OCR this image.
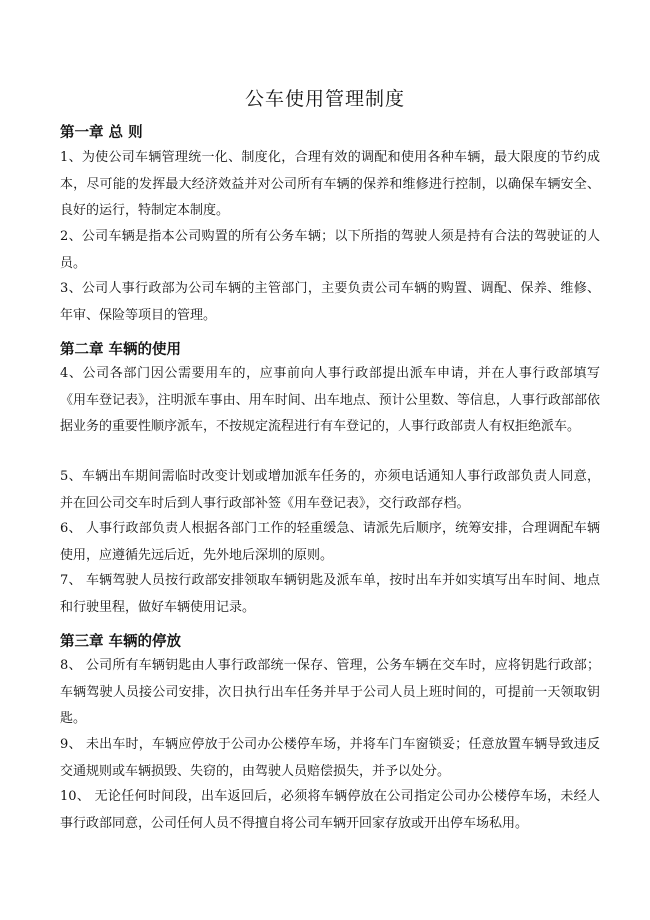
公车使用管理制度
第一章 总 则
1、为使公司车辆管理统一化、制度化，合理有效的调配和使用各种车辆，最大限度的节约成本，尽可能的发挥最大经济效益并对公司所有车辆的保养和维修进行控制，以确保车辆安全、良好的运行，特制定本制度。
2、公司车辆是指本公司购置的所有公务车辆；以下所指的驾驶人须是持有合法的驾驶证的人员。
3、公司人事行政部为公司车辆的主管部门，主要负责公司车辆的购置、调配、保养、维修、年审、保险等项目的管理。
第二章 车辆的使用
4、公司各部门因公需要用车的，应事前向人事行政部提出派车申请，并在人事行政部填写《用车登记表》，注明派车事由、用车时间、出车地点、预计公里数、等信息，人事行政部部依据业务的重要性顺序派车，不按规定流程进行有车登记的，人事行政部责人有权拒绝派车。
5、车辆出车期间需临时改变计划或增加派车任务的，亦须电话通知人事行政部负责人同意，并在回公司交车时后到人事行政部补签《用车登记表》，交行政部存档。
6、 人事行政部负责人根据各部门工作的轻重缓急、请派先后顺序，统筹安排，合理调配车辆使用，应遵循先远后近，先外地后深圳的原则。
7、 车辆驾驶人员按行政部安排领取车辆钥匙及派车单，按时出车并如实填写出车时间、地点和行驶里程，做好车辆使用记录。
第三章 车辆的停放
8、 公司所有车辆钥匙由人事行政部统一保存、管理，公务车辆在交车时，应将钥匙行政部；车辆驾驶人员接公司安排，次日执行出车任务并早于公司人员上班时间的，可提前一天领取钥匙。
9、 未出车时，车辆应停放于公司办公楼停车场，并将车门车窗锁妥；任意放置车辆导致违反交通规则或车辆损毁、失窃的，由驾驶人员赔偿损失，并予以处分。
10、 无论任何时间段，出车返回后，必须将车辆停放在公司指定公司办公楼停车场，未经人事行政部同意，公司任何人员不得擅自将公司车辆开回家存放或开出停车场私用。
